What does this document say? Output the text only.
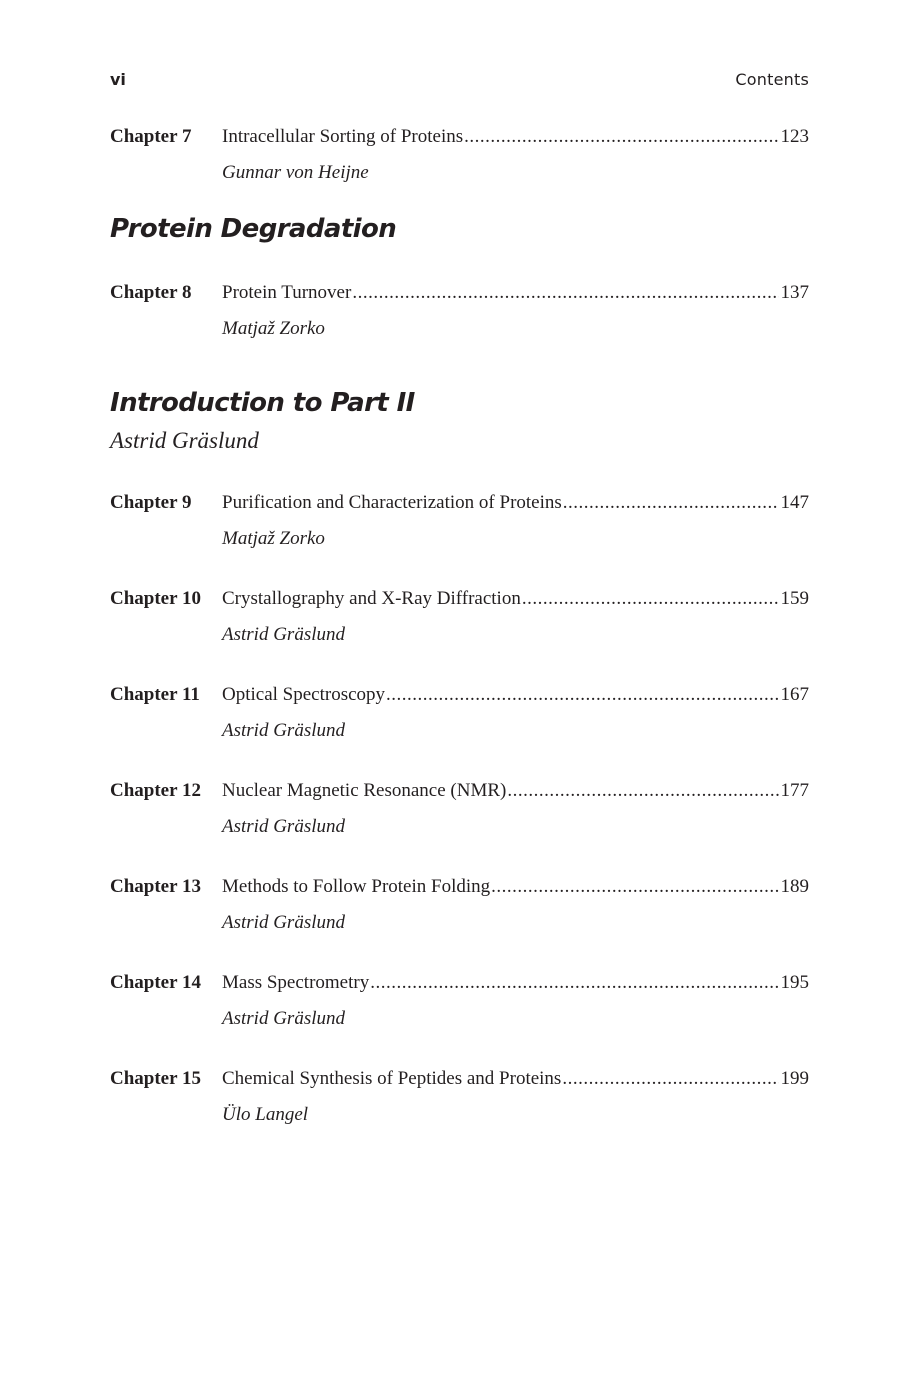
vi	Contents
Chapter 7 Intracellular Sorting of Proteins .....	123
Gunnar von Heijne
Protein Degradation
Chapter 8 Protein Turnover .....	137
Matjaž Zorko
Introduction to Part II
Astrid Gräslund
Chapter 9 Purification and Characterization of Proteins .....	147
Matjaž Zorko
Chapter 10 Crystallography and X-Ray Diffraction .....	159
Astrid Gräslund
Chapter 11 Optical Spectroscopy .....	167
Astrid Gräslund
Chapter 12 Nuclear Magnetic Resonance (NMR) .....	177
Astrid Gräslund
Chapter 13 Methods to Follow Protein Folding .....	189
Astrid Gräslund
Chapter 14 Mass Spectrometry .....	195
Astrid Gräslund
Chapter 15 Chemical Synthesis of Peptides and Proteins .....	199
Ülo Langel
